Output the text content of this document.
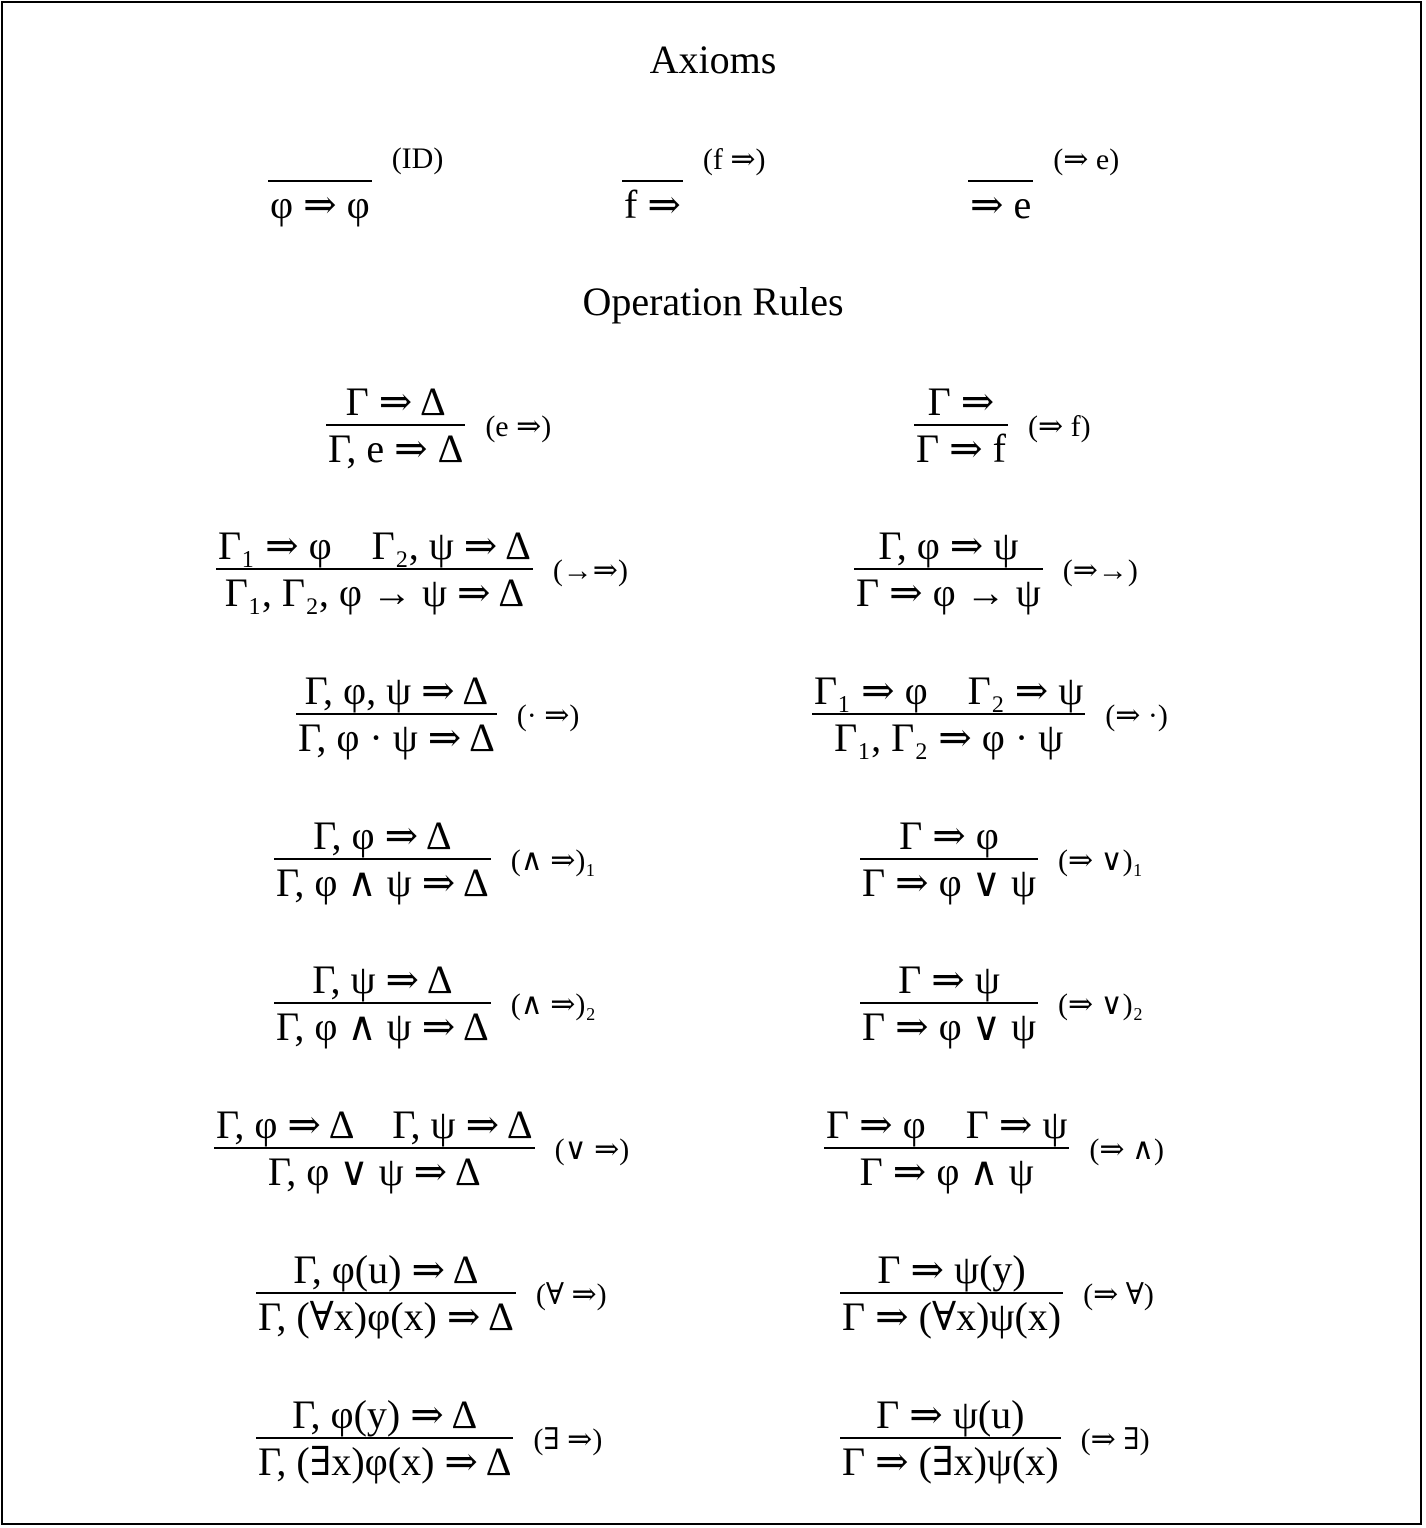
Axioms
φ ⇒ φ
(ID)
f ⇒
(f ⇒)
⇒ e
(⇒ e)
Operation Rules
$\frac{\Gamma \Rightarrow \Delta}{\Gamma, e \Rightarrow \Delta} (e$ ⇒)	$\frac{\Gamma \Rightarrow}{\Gamma \Rightarrow f}$ (⇒ f)
$\frac{\text{Γ₁ ⇒ φ    Γ₂, ψ ⇒ Δ}}{\text{Γ₁, Γ₂, φ → ψ ⇒ Δ}}$ (→⇒)	$\frac{\Gamma, \varphi \Rightarrow \psi}{\Gamma \Rightarrow \varphi \to \psi}$ (⇒→)
$\frac{\Gamma, \varphi, \psi \Rightarrow \Delta}{\Gamma, \varphi \cdot \psi \Rightarrow \Delta}$ (· ⇒)	$\frac{\text{Γ₁ ⇒ φ    Γ₂ ⇒ ψ}}{\text{Γ₁, Γ₂ ⇒ φ · ψ}}$ (⇒ ·)
$\frac{\Gamma, \varphi \Rightarrow \Delta}{\Gamma, \varphi \wedge \psi \Rightarrow \Delta}$ (∧ ⇒)₁	$\frac{\Gamma \Rightarrow \varphi}{\Gamma \Rightarrow \varphi \vee \psi}$ (⇒ ∨)₁
$\frac{\Gamma, \psi \Rightarrow \Delta}{\Gamma, \varphi \wedge \psi \Rightarrow \Delta}$ (∧ ⇒)₂	$\frac{\Gamma \Rightarrow \psi}{\Gamma \Rightarrow \varphi \vee \psi}$ (⇒ ∨)₂
$\frac{\text{Γ, φ ⇒ Δ    Γ, ψ ⇒ Δ}}{\Gamma, \varphi \vee \psi \Rightarrow \Delta}$ (∨ ⇒)	$\frac{\text{Γ ⇒ φ    Γ ⇒ ψ}}{\Gamma \Rightarrow \varphi \wedge \psi}$ (⇒ ∧)
$\frac{\Gamma, \varphi(u) \Rightarrow \Delta}{\Gamma, (\forall x)\varphi(x) \Rightarrow \Delta}$ (∀ ⇒)	$\frac{\Gamma \Rightarrow \psi(y)}{\Gamma \Rightarrow (\forall x)\psi(x)}$ (⇒ ∀)
$\frac{\Gamma, \varphi(y) \Rightarrow \Delta}{\Gamma, (\exists x)\varphi(x) \Rightarrow \Delta}$ (∃ ⇒)	$\frac{\Gamma \Rightarrow \psi(u)}{\Gamma \Rightarrow (\exists x)\psi(x)}$ (⇒ ∃)
